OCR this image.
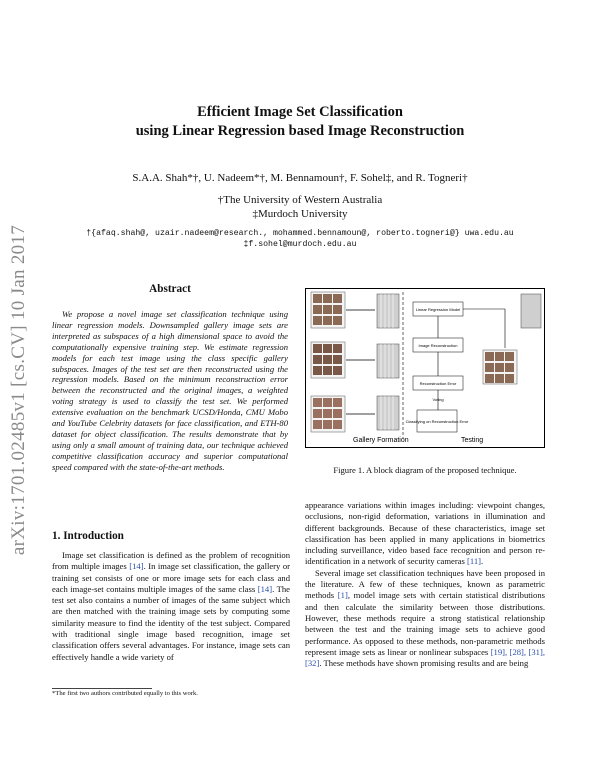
arXiv:1701.02485v1 [cs.CV] 10 Jan 2017
Efficient Image Set Classification
using Linear Regression based Image Reconstruction
S.A.A. Shah*†, U. Nadeem*†, M. Bennamoun†, F. Sohel‡, and R. Togneri†
†The University of Western Australia
‡Murdoch University
†{afaq.shah@, uzair.nadeem@research., mohammed.bennamoun@, roberto.togneri@} uwa.edu.au
‡f.sohel@murdoch.edu.au
Abstract
We propose a novel image set classification technique using linear regression models. Downsampled gallery image sets are interpreted as subspaces of a high dimensional space to avoid the computationally expensive training step. We estimate regression models for each test image using the class specific gallery subspaces. Images of the test set are then reconstructed using the regression models. Based on the minimum reconstruction error between the reconstructed and the original images, a weighted voting strategy is used to classify the test set. We performed extensive evaluation on the benchmark UCSD/Honda, CMU Mobo and YouTube Celebrity datasets for face classification, and ETH-80 dataset for object classification. The results demonstrate that by using only a small amount of training data, our technique achieved competitive classification accuracy and superior computational speed compared with the state-of-the-art methods.
1. Introduction
Image set classification is defined as the problem of recognition from multiple images [14]. In image set classification, the gallery or training set consists of one or more image sets for each class and each image-set contains multiple images of the same class [14]. The test set also contains a number of images of the same subject which are then matched with the training image sets by computing some similarity measure to find the identity of the test subject. Compared with traditional single image based recognition, image set classification offers several advantages. For instance, image sets can effectively handle a wide variety of
*The first two authors contributed equally to this work.
Linear Regression Model
Image Reconstruction
Reconstruction Error
Voting
Classifying on Reconstruction Error
Testing
Gallery Formation
Figure 1. A block diagram of the proposed technique.

appearance variations within images including: viewpoint changes, occlusions, non-rigid deformation, variations in illumination and different backgrounds. Because of these characteristics, image set classification has been applied in many applications in biometrics including surveillance, video based face recognition and person re-identification in a network of security cameras [11].

Several image set classification techniques have been proposed in the literature. A few of these techniques, known as parametric methods [1], model image sets with certain statistical distributions and then calculate the similarity between those distributions. However, these methods require a strong statistical relationship between the test and the training image sets to achieve good performance. As opposed to these methods, non-parametric methods represent image sets as linear or nonlinear subspaces [19], [28], [31], [32]. These methods have shown promising results and are being
